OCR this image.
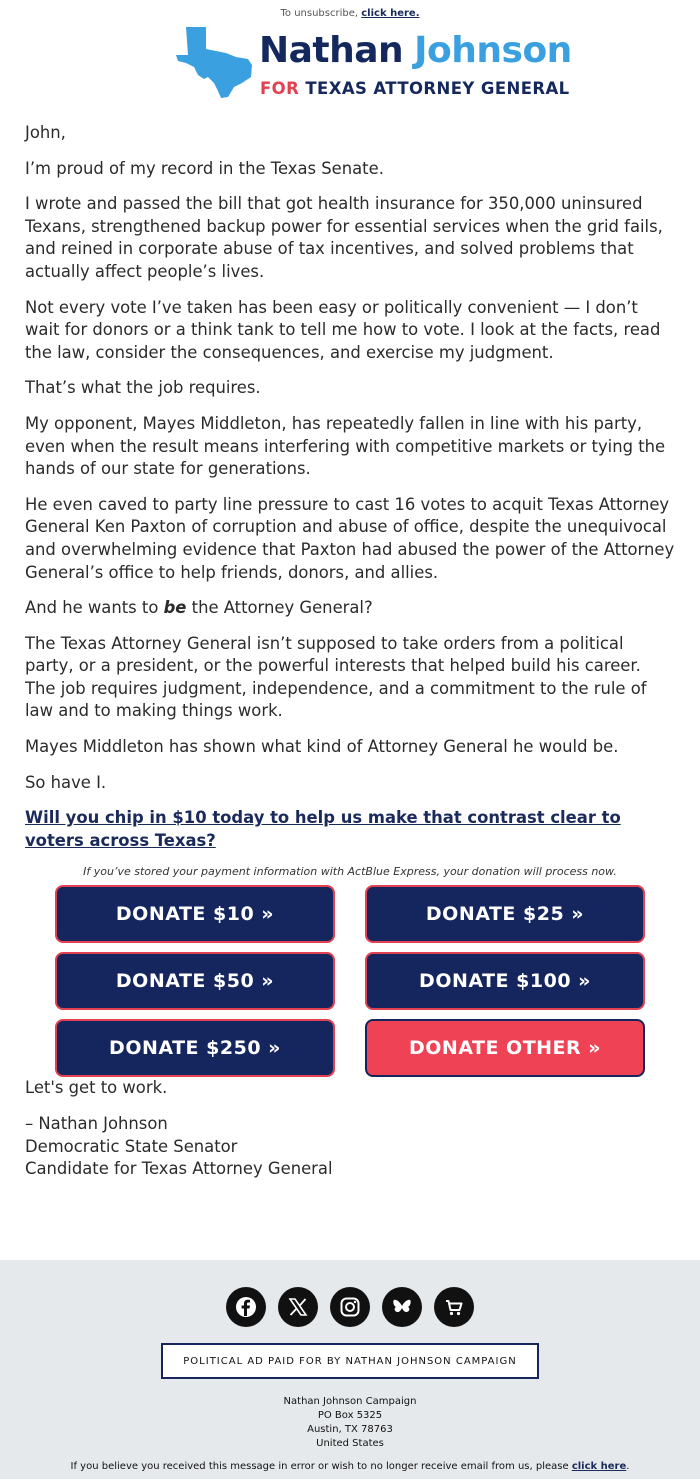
To unsubscribe, click here.
Nathan Johnson
FOR TEXAS ATTORNEY GENERAL

John,

I’m proud of my record in the Texas Senate.

I wrote and passed the bill that got health insurance for 350,000 uninsured Texans, strengthened backup power for essential services when the grid fails, and reined in corporate abuse of tax incentives, and solved problems that actually affect people’s lives.

Not every vote I’ve taken has been easy or politically convenient — I don’t wait for donors or a think tank to tell me how to vote. I look at the facts, read the law, consider the consequences, and exercise my judgment.

That’s what the job requires.

My opponent, Mayes Middleton, has repeatedly fallen in line with his party, even when the result means interfering with competitive markets or tying the hands of our state for generations.

He even caved to party line pressure to cast 16 votes to acquit Texas Attorney General Ken Paxton of corruption and abuse of office, despite the unequivocal and overwhelming evidence that Paxton had abused the power of the Attorney General’s office to help friends, donors, and allies.

And he wants to be the Attorney General?

The Texas Attorney General isn’t supposed to take orders from a political party, or a president, or the powerful interests that helped build his career. The job requires judgment, independence, and a commitment to the rule of law and to making things work.

Mayes Middleton has shown what kind of Attorney General he would be.

So have I.

Will you chip in $10 today to help us make that contrast clear to voters across Texas?
If you’ve stored your payment information with ActBlue Express, your donation will process now.
DONATE $10 »	DONATE $25 »
DONATE $50 »	DONATE $100 »
DONATE $250 »	DONATE OTHER »

Let's get to work.

– Nathan Johnson

Democratic State Senator

Candidate for Texas Attorney General

POLITICAL AD PAID FOR BY NATHAN JOHNSON CAMPAIGN
Nathan Johnson Campaign
PO Box 5325
Austin, TX 78763
United States
If you believe you received this message in error or wish to no longer receive email from us, please click here.
